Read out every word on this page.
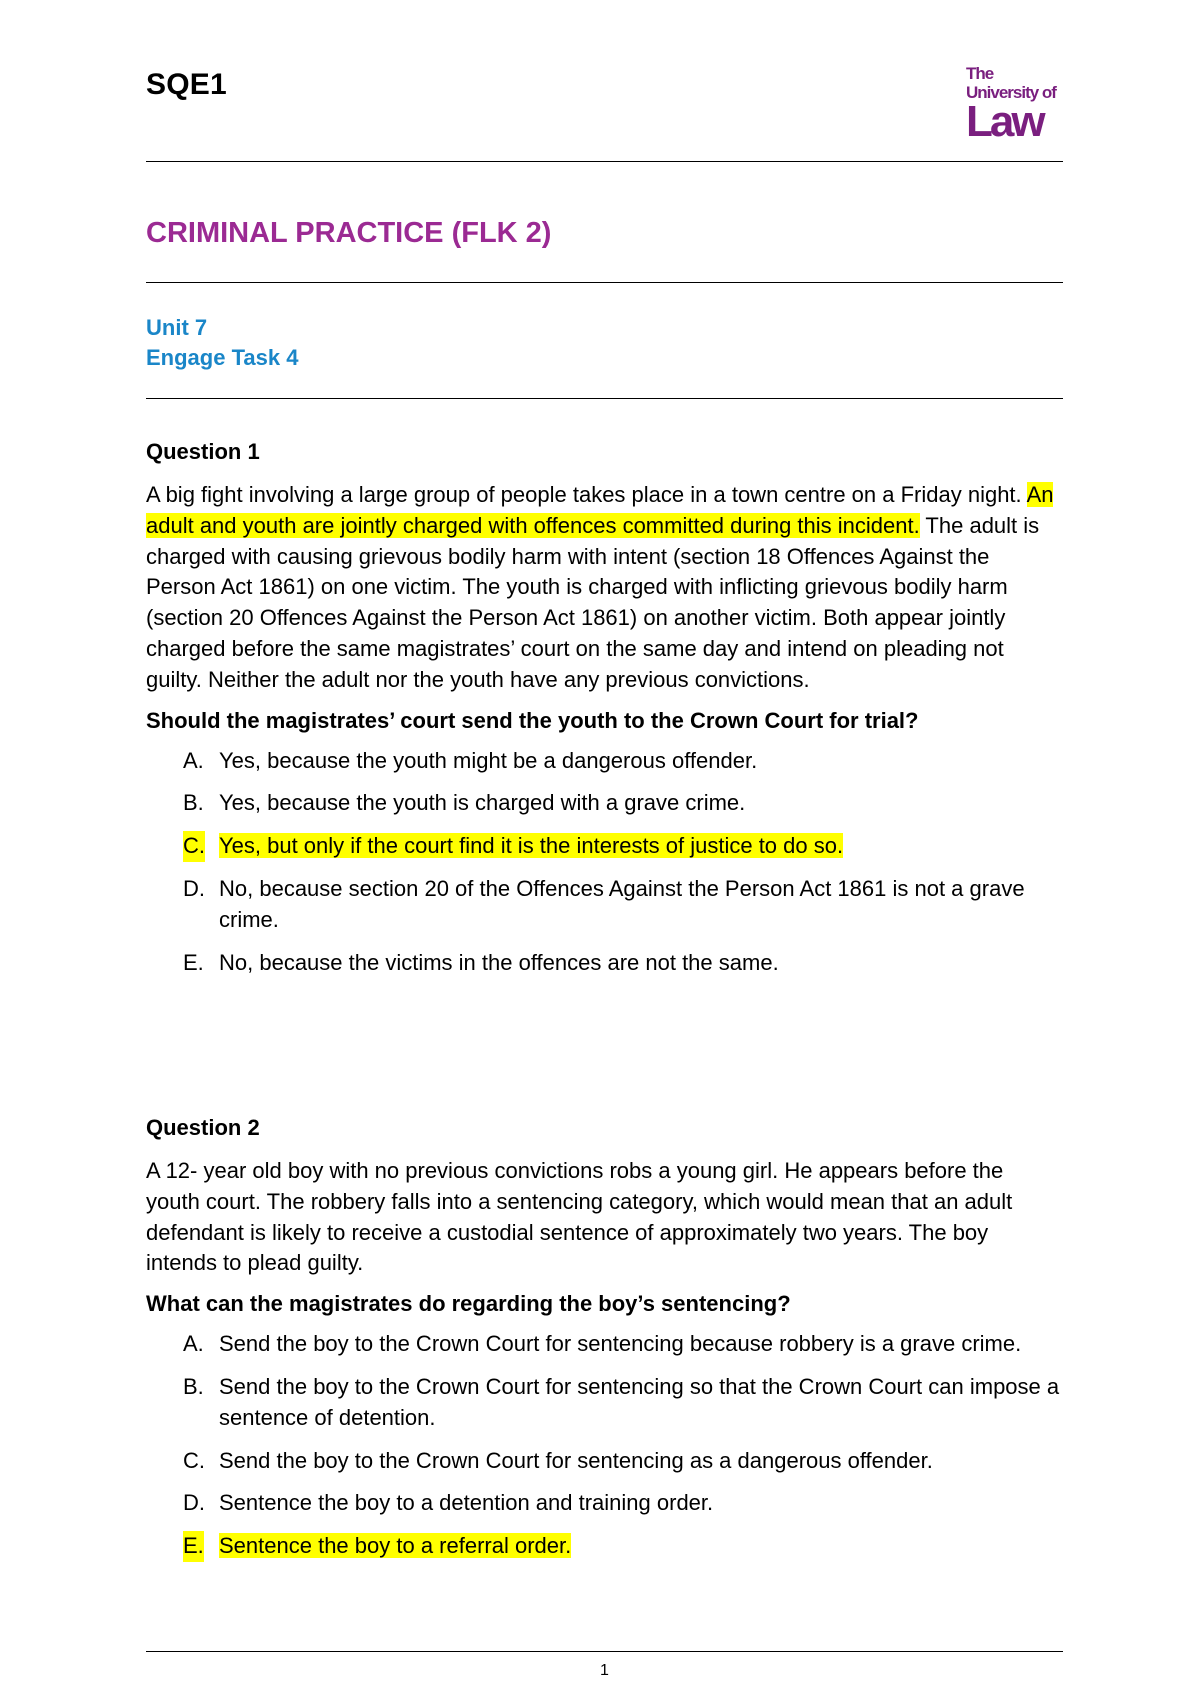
SQE1	The
University of
Law
CRIMINAL PRACTICE (FLK 2)
Unit 7
Engage Task 4
Question 1
A big fight involving a large group of people takes place in a town centre on a Friday night. An adult and youth are jointly charged with offences committed during this incident. The adult is charged with causing grievous bodily harm with intent (section 18 Offences Against the Person Act 1861) on one victim. The youth is charged with inflicting grievous bodily harm (section 20 Offences Against the Person Act 1861) on another victim. Both appear jointly charged before the same magistrates’ court on the same day and intend on pleading not guilty. Neither the adult nor the youth have any previous convictions.
Should the magistrates’ court send the youth to the Crown Court for trial?
A. Yes, because the youth might be a dangerous offender.
B. Yes, because the youth is charged with a grave crime.
C. Yes, but only if the court find it is the interests of justice to do so.
D. No, because section 20 of the Offences Against the Person Act 1861 is not a grave crime.
E. No, because the victims in the offences are not the same.
Question 2
A 12- year old boy with no previous convictions robs a young girl. He appears before the youth court. The robbery falls into a sentencing category, which would mean that an adult defendant is likely to receive a custodial sentence of approximately two years. The boy intends to plead guilty.
What can the magistrates do regarding the boy’s sentencing?
A. Send the boy to the Crown Court for sentencing because robbery is a grave crime.
B. Send the boy to the Crown Court for sentencing so that the Crown Court can impose a sentence of detention.
C. Send the boy to the Crown Court for sentencing as a dangerous offender.
D. Sentence the boy to a detention and training order.
E. Sentence the boy to a referral order.
1
